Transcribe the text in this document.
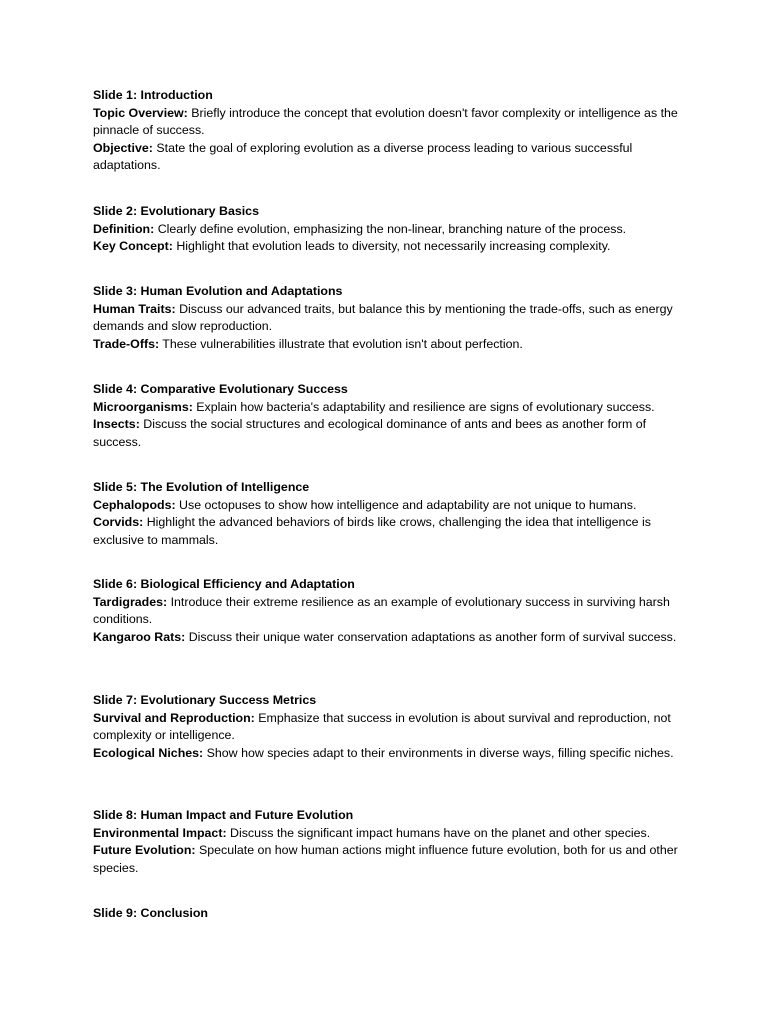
Slide 1: Introduction

Topic Overview: Briefly introduce the concept that evolution doesn't favor complexity or intelligence as the pinnacle of success.

Objective: State the goal of exploring evolution as a diverse process leading to various successful adaptations.

Slide 2: Evolutionary Basics

Definition: Clearly define evolution, emphasizing the non-linear, branching nature of the process.

Key Concept: Highlight that evolution leads to diversity, not necessarily increasing complexity.

Slide 3: Human Evolution and Adaptations

Human Traits: Discuss our advanced traits, but balance this by mentioning the trade-offs, such as energy demands and slow reproduction.

Trade-Offs: These vulnerabilities illustrate that evolution isn't about perfection.

Slide 4: Comparative Evolutionary Success

Microorganisms: Explain how bacteria's adaptability and resilience are signs of evolutionary success.

Insects: Discuss the social structures and ecological dominance of ants and bees as another form of success.

Slide 5: The Evolution of Intelligence

Cephalopods: Use octopuses to show how intelligence and adaptability are not unique to humans.

Corvids: Highlight the advanced behaviors of birds like crows, challenging the idea that intelligence is exclusive to mammals.

Slide 6: Biological Efficiency and Adaptation

Tardigrades: Introduce their extreme resilience as an example of evolutionary success in surviving harsh conditions.

Kangaroo Rats: Discuss their unique water conservation adaptations as another form of survival success.

Slide 7: Evolutionary Success Metrics

Survival and Reproduction: Emphasize that success in evolution is about survival and reproduction, not complexity or intelligence.

Ecological Niches: Show how species adapt to their environments in diverse ways, filling specific niches.

Slide 8: Human Impact and Future Evolution

Environmental Impact: Discuss the significant impact humans have on the planet and other species.

Future Evolution: Speculate on how human actions might influence future evolution, both for us and other species.

Slide 9: Conclusion
